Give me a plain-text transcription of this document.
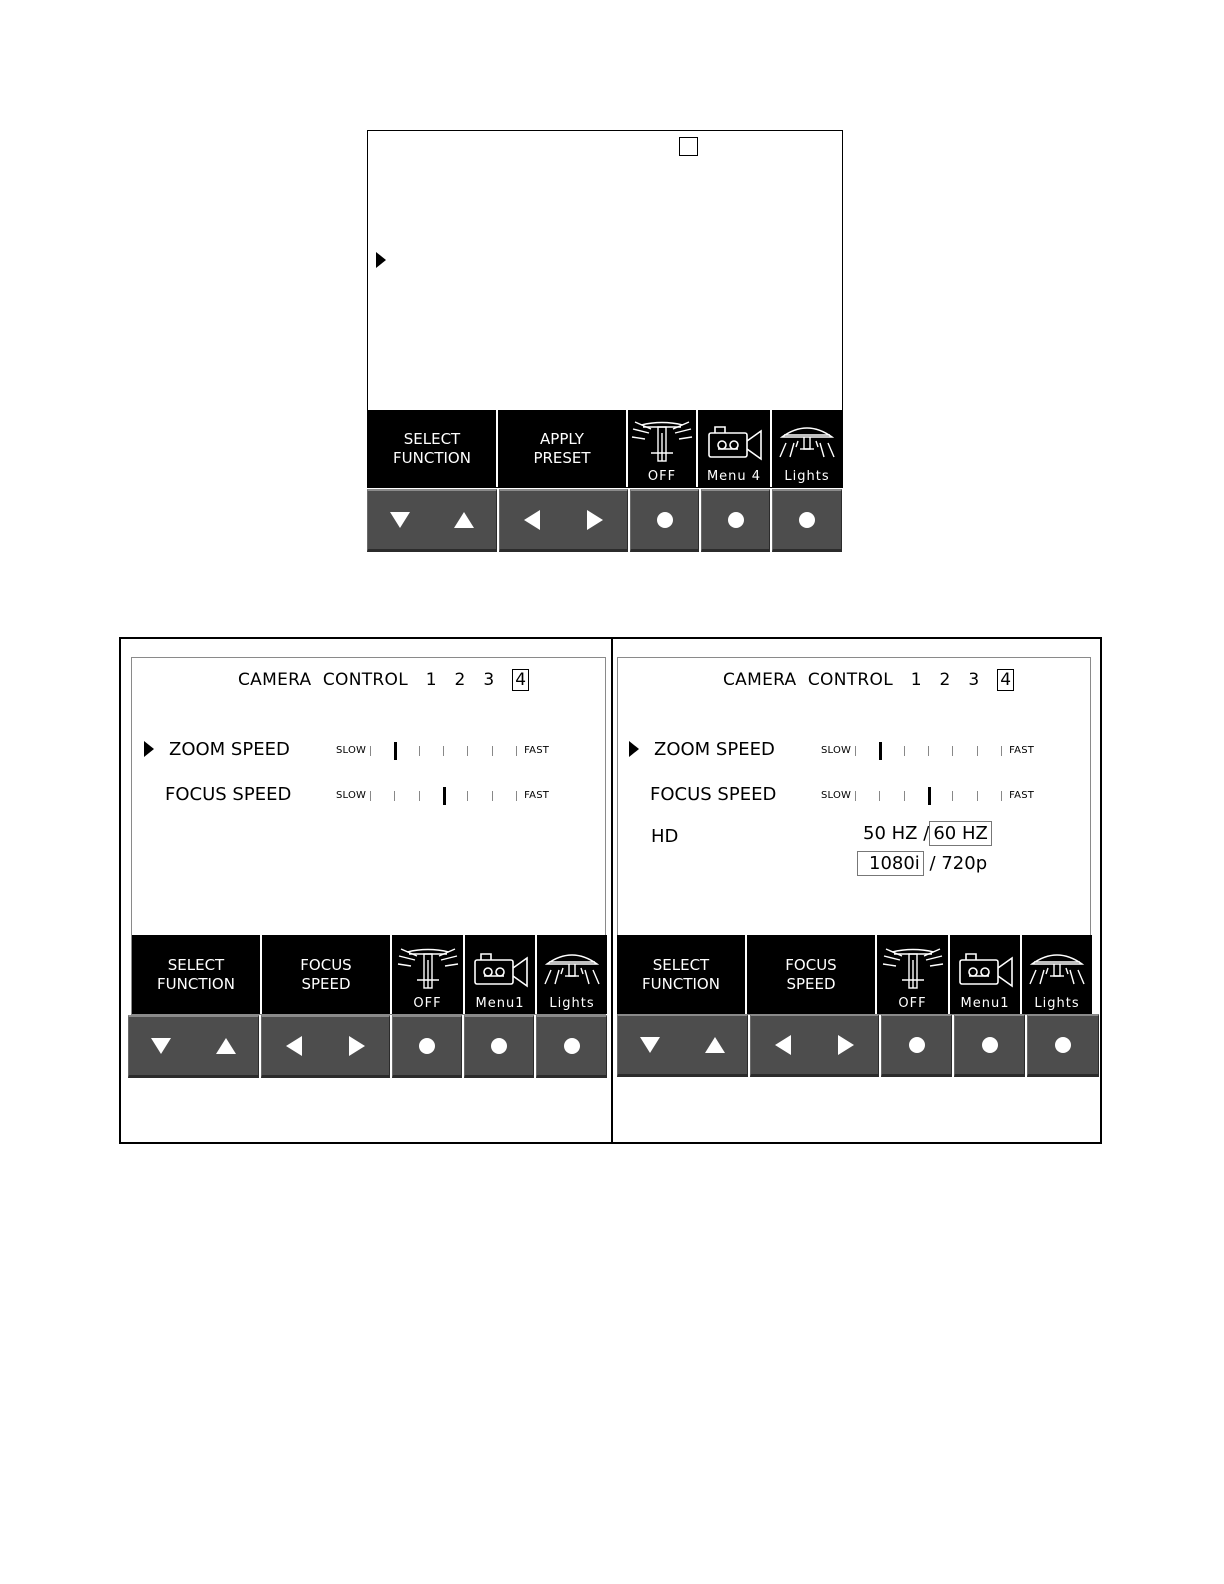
SELECT
FUNCTION
APPLY
PRESET
OFF Menu 4 Lights
CAMERA  CONTROL 1 2 3 4
ZOOM SPEED	SLOW	FAST
FOCUS SPEED	SLOW	FAST
SELECT
FUNCTION
FOCUS
SPEED
OFF	Menu1 Lights
CAMERA  CONTROL 1 2 3 4
ZOOM SPEED	SLOW	FAST
FOCUS SPEED	SLOW	FAST
HD	50 HZ / 60 HZ
1080i / 720p
SELECT
FUNCTION
FOCUS
SPEED
OFF	Menu1 Lights
